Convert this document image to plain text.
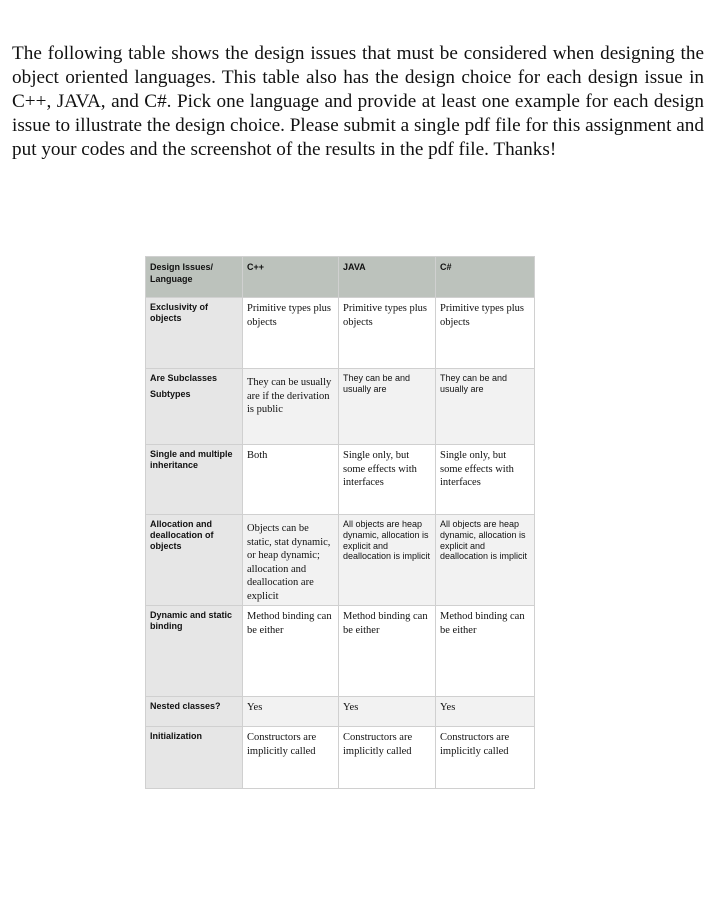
The following table shows the design issues that must be considered when designing the object oriented languages. This table also has the design choice for each design issue in C++, JAVA, and C#. Pick one language and provide at least one example for each design issue to illustrate the design choice. Please submit a single pdf file for this assignment and put your codes and the screenshot of the results in the pdf file. Thanks!

Design Issues/ Language	C++	JAVA	C#
Exclusivity of objects	Primitive types plus objects	Primitive types plus objects	Primitive types plus objects

Are Subclasses
Subtypes	They can be usually are if the derivation is public	They can be and usually are	They can be and usually are
Single and multiple inheritance	Both	Single only, but some effects with interfaces	Single only, but some effects with interfaces
Allocation and deallocation of objects	Objects can be static, stat dynamic, or heap dynamic; allocation and deallocation are explicit	All objects are heap dynamic, allocation is explicit and deallocation is implicit	All objects are heap dynamic, allocation is explicit and deallocation is implicit
Dynamic and static binding	Method binding can be either	Method binding can be either	Method binding can be either
Nested classes?	Yes	Yes	Yes
Initialization	Constructors are implicitly called	Constructors are implicitly called	Constructors are implicitly called
